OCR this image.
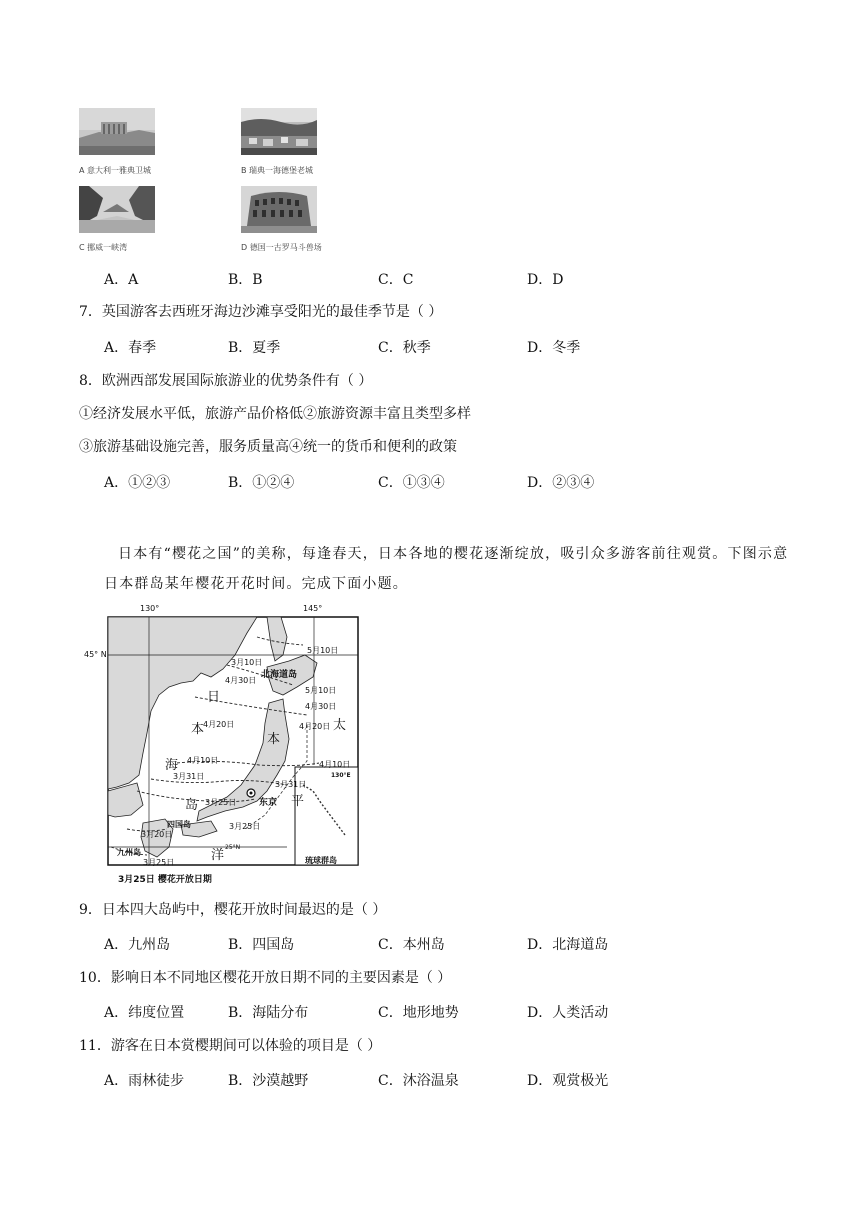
A 意大利一雅典卫城	B 瑞典一海德堡老城
C 挪威一峡湾	D 德国一古罗马斗兽场
A．A	B．B	C．C	D．D
7．英国游客去西班牙海边沙滩享受阳光的最佳季节是（ ）
A．春季	B．夏季	C．秋季	D．冬季
8．欧洲西部发展国际旅游业的优势条件有（ ）
①经济发展水平低，旅游产品价格低②旅游资源丰富且类型多样
③旅游基础设施完善，服务质量高④统一的货币和便利的政策
A．①②③	B．①②④	C．①③④	D．②③④
日本有“樱花之国”的美称，每逢春天，日本各地的樱花逐渐绽放，吸引众多游客前往观赏。下图示意日本群岛某年樱花开花时间。完成下面小题。
5月10日
3月10日
4月30日
5月10日
4月30日
4月20日	4月20日
4月10日	4月10日
3月31日
3月31日
3月25日
3月25日
3月20日
3月25日
日
本
海
太
平
洋
本
岛
北海道岛
东京
四国岛
九州岛
琉球群岛
130°E
25°N
130°	145°
45° N
3月25日 樱花开放日期
9．日本四大岛屿中，樱花开放时间最迟的是（ ）
A．九州岛	B．四国岛	C．本州岛	D．北海道岛
10．影响日本不同地区樱花开放日期不同的主要因素是（ ）
A．纬度位置	B．海陆分布	C．地形地势	D．人类活动
11．游客在日本赏樱期间可以体验的项目是（ ）
A．雨林徒步	B．沙漠越野	C．沐浴温泉	D．观赏极光
